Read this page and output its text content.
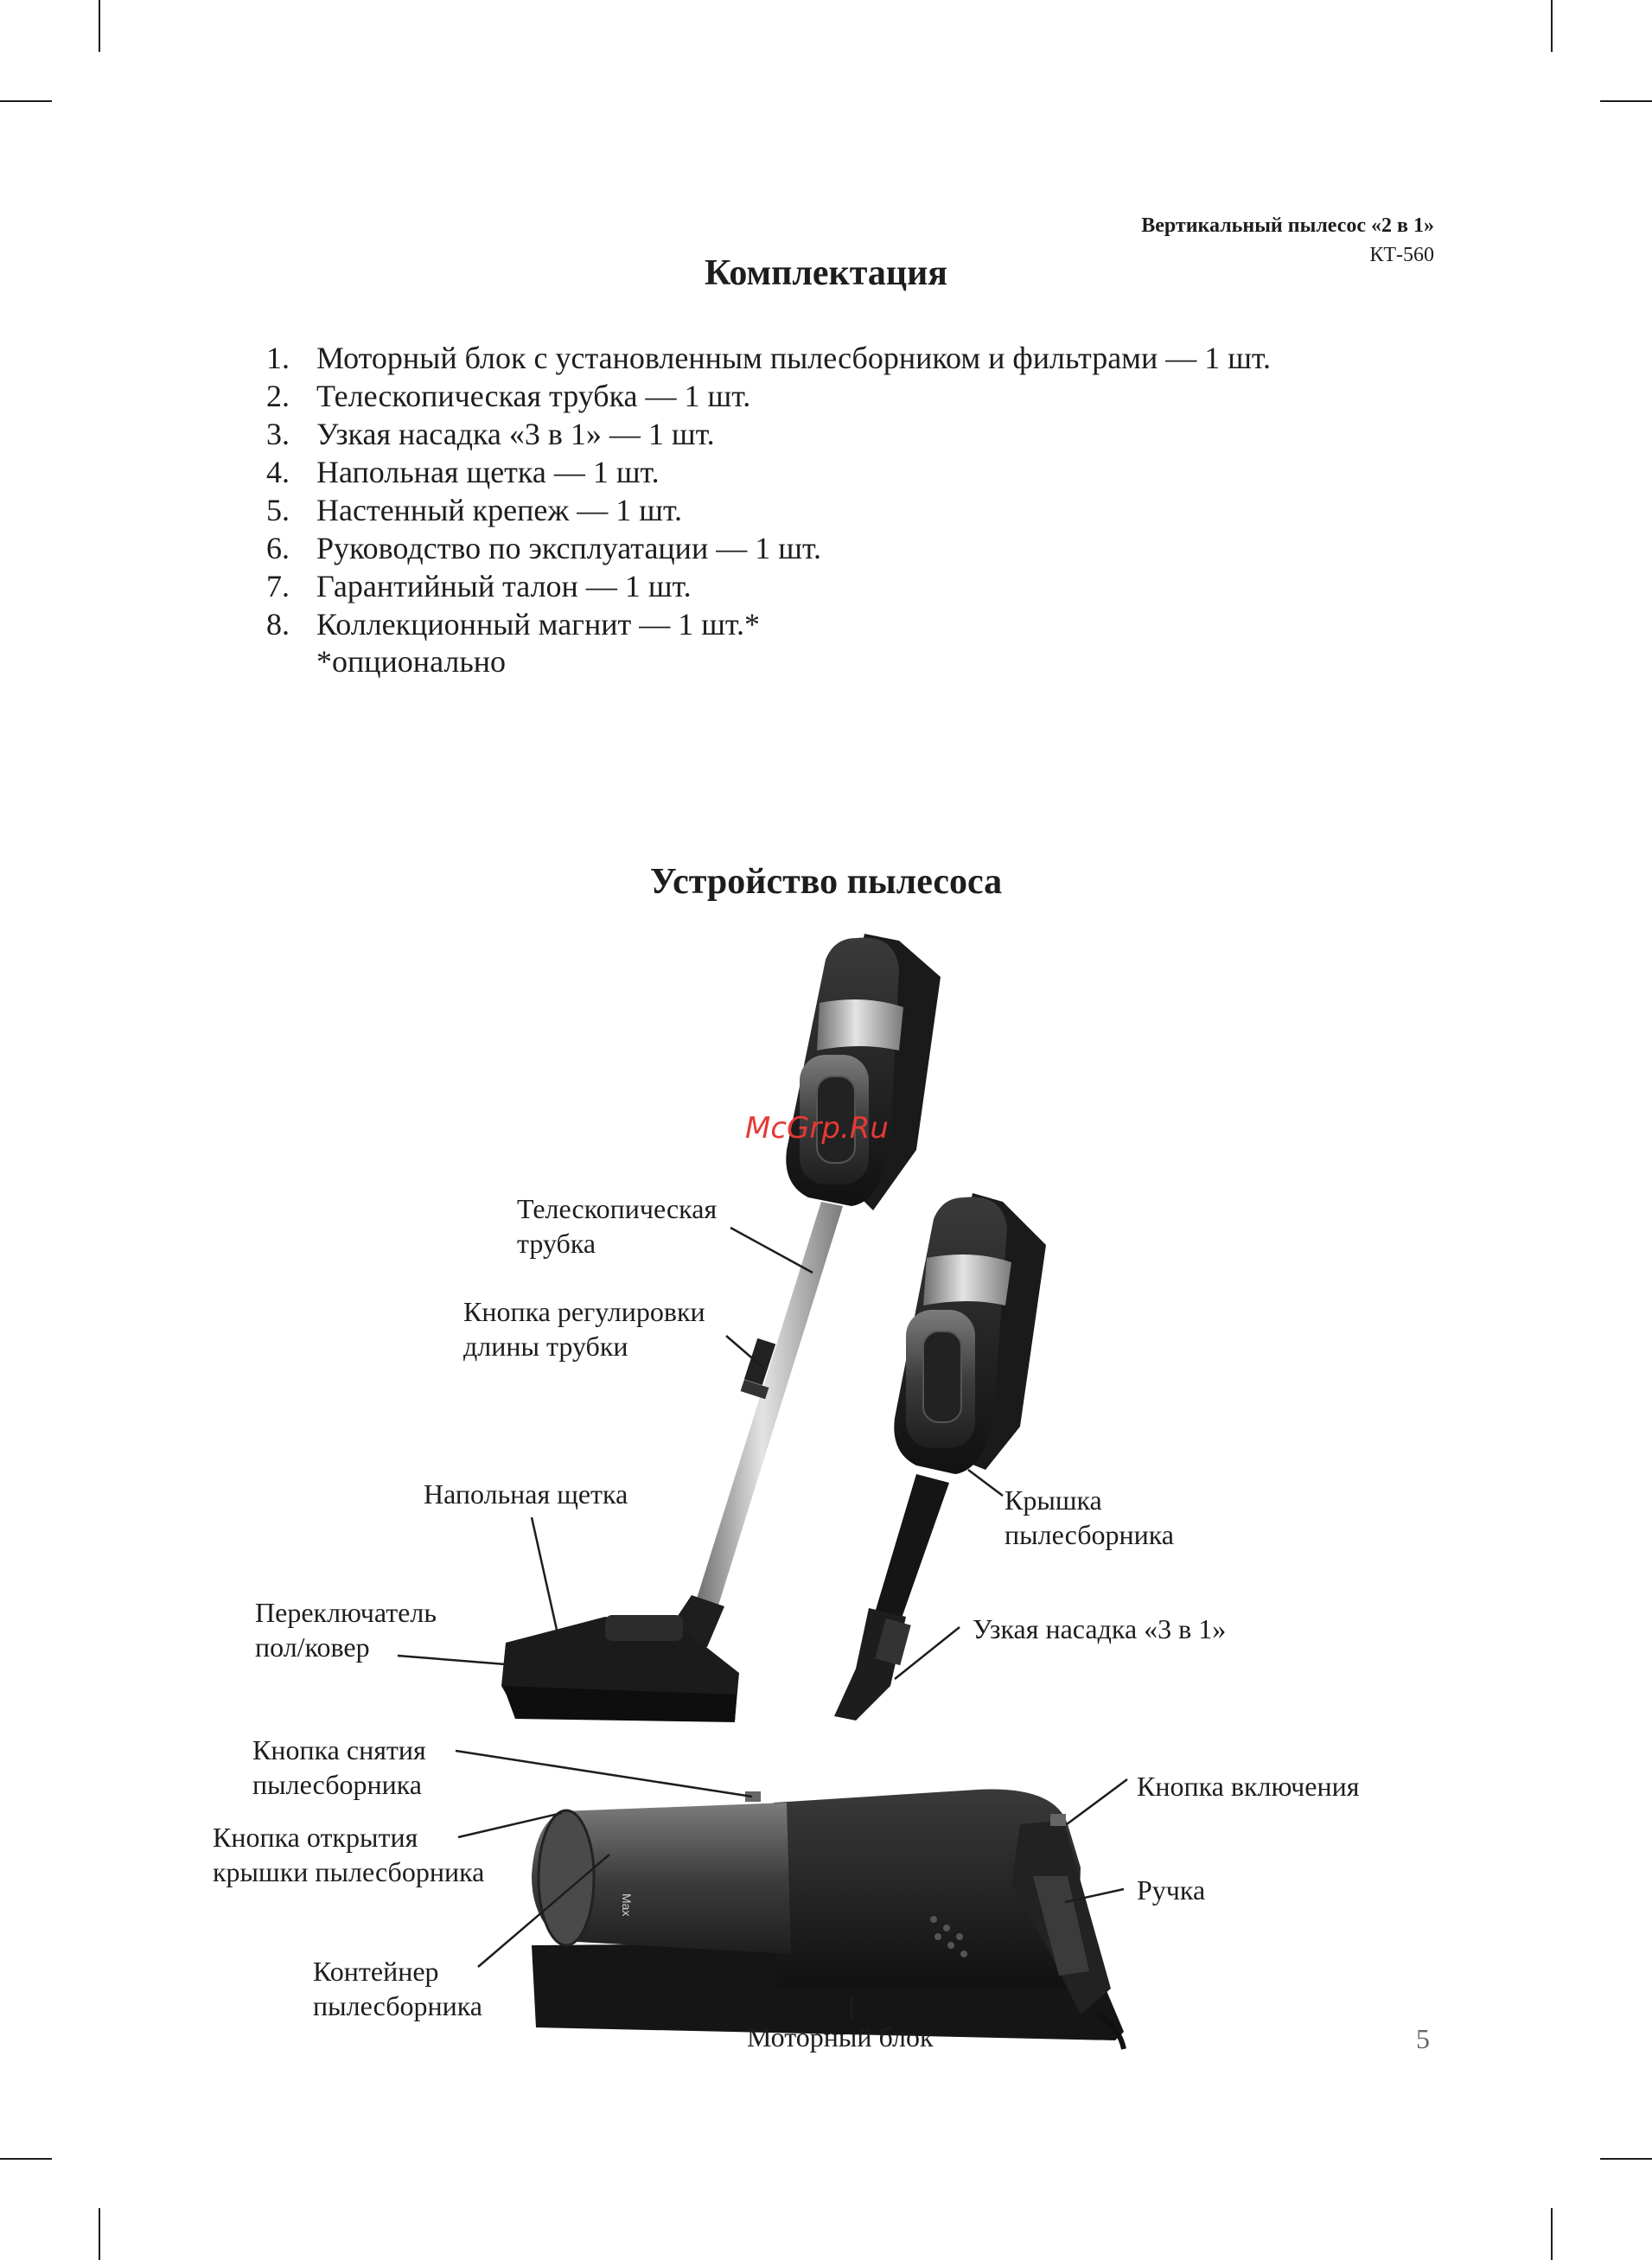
Вертикальный пылесос «2 в 1»
КТ-560
Комплектация
1. Моторный блок с установленным пылесборником и фильтрами — 1 шт.
2. Телескопическая трубка — 1 шт.
3. Узкая насадка «3 в 1» — 1 шт.
4. Напольная щетка — 1 шт.
5. Настенный крепеж — 1 шт.
6. Руководство по эксплуатации — 1 шт.
7. Гарантийный талон — 1 шт.
8. Коллекционный магнит — 1 шт.*
*опционально
Устройство пылесоса
Max
Телескопическая
трубка
Кнопка регулировки
длины трубки
Напольная щетка
Переключатель
пол/ковер
Крышка
пылесборника
Узкая насадка «3 в 1»
Кнопка снятия
пылесборника
Кнопка открытия
крышки пылесборника
Контейнер
пылесборника
Моторный блок
Кнопка включения
Ручка
McGrp.Ru
5
